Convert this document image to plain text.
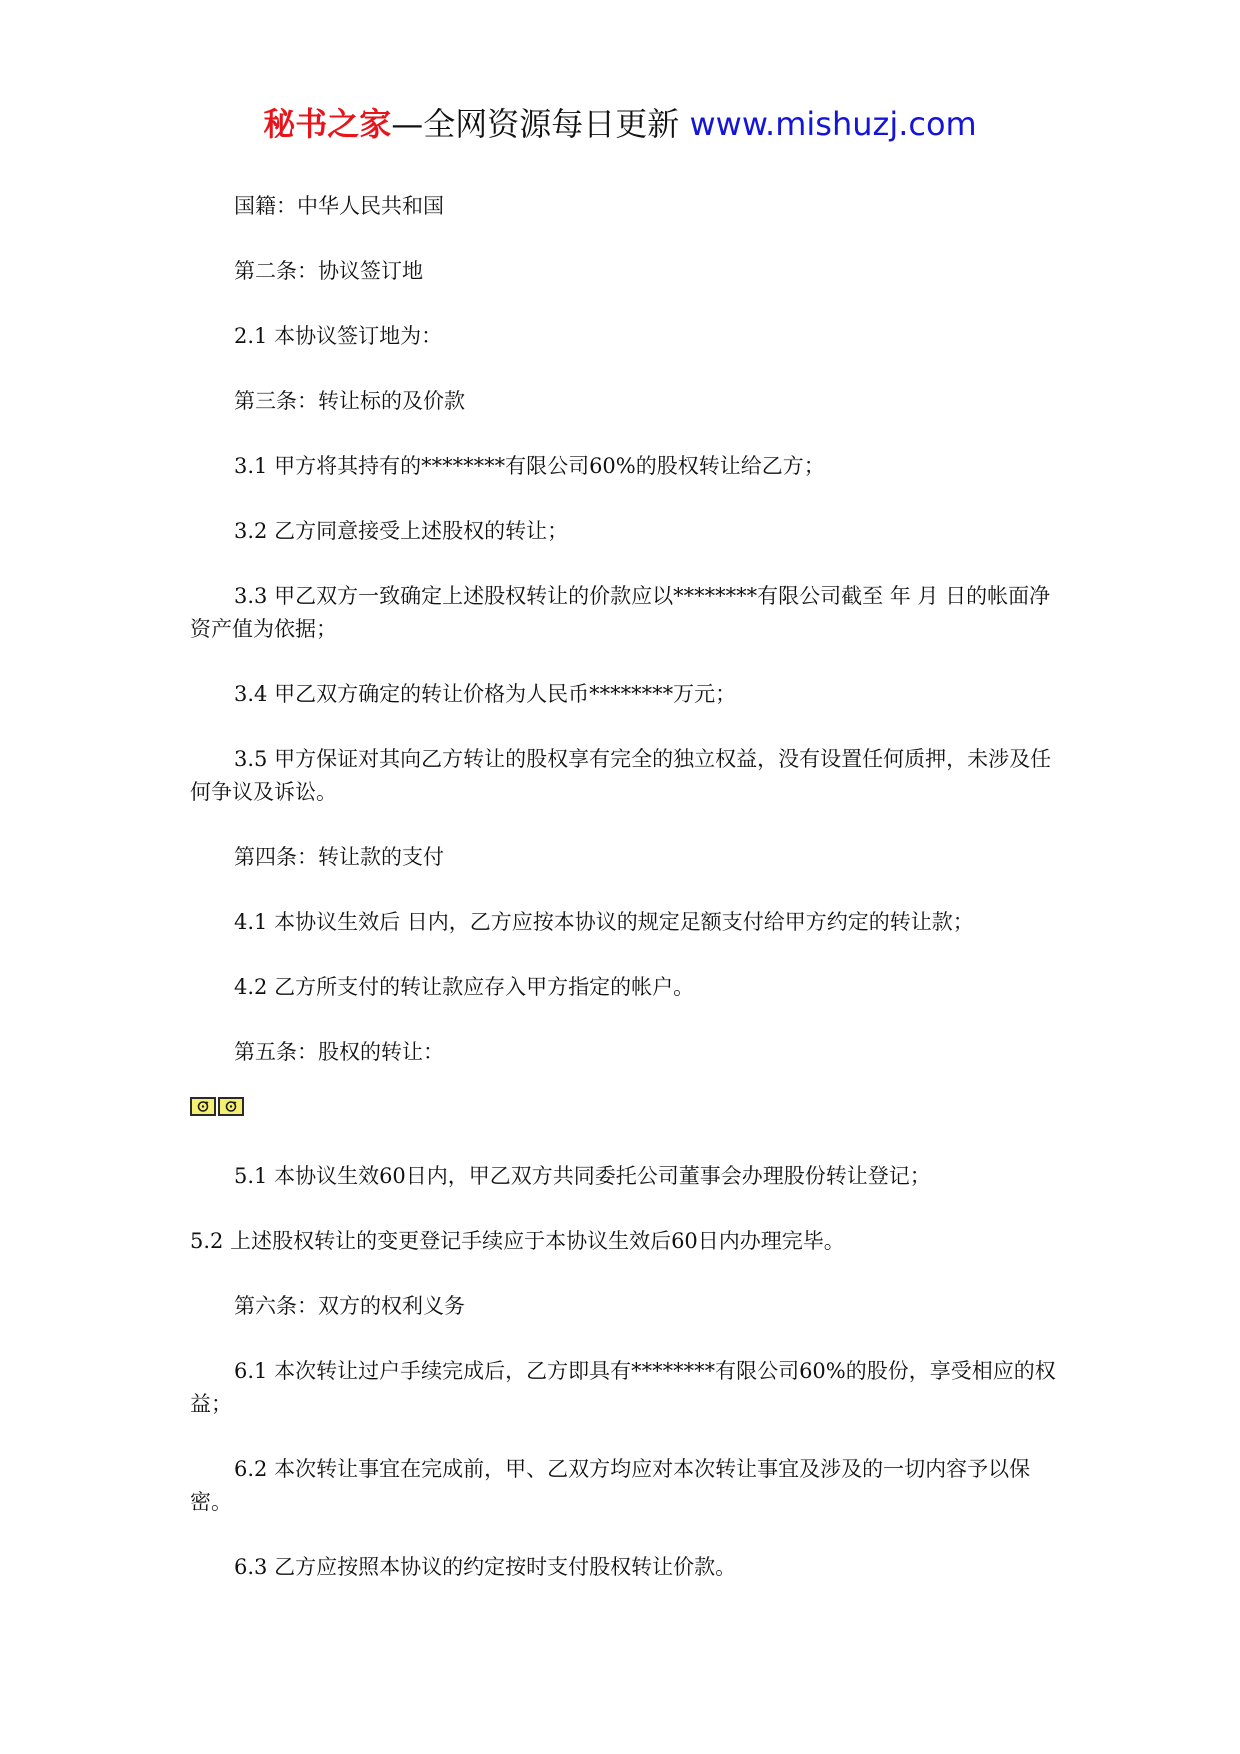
秘书之家—全网资源每日更新 www.mishuzj.com

国籍：中华人民共和国

第二条：协议签订地

2.1 本协议签订地为：

第三条：转让标的及价款

3.1 甲方将其持有的********有限公司60%的股权转让给乙方；

3.2 乙方同意接受上述股权的转让；

3.3 甲乙双方一致确定上述股权转让的价款应以********有限公司截至 年 月 日的帐面净资产值为依据；

3.4 甲乙双方确定的转让价格为人民币********万元；

3.5 甲方保证对其向乙方转让的股权享有完全的独立权益，没有设置任何质押，未涉及任何争议及诉讼。

第四条：转让款的支付

4.1 本协议生效后 日内，乙方应按本协议的规定足额支付给甲方约定的转让款；

4.2 乙方所支付的转让款应存入甲方指定的帐户。

第五条：股权的转让：

5.1 本协议生效60日内，甲乙双方共同委托公司董事会办理股份转让登记；

5.2 上述股权转让的变更登记手续应于本协议生效后60日内办理完毕。

第六条：双方的权利义务

6.1 本次转让过户手续完成后，乙方即具有********有限公司60%的股份，享受相应的权益；

6.2 本次转让事宜在完成前，甲、乙双方均应对本次转让事宜及涉及的一切内容予以保密。

6.3 乙方应按照本协议的约定按时支付股权转让价款。
